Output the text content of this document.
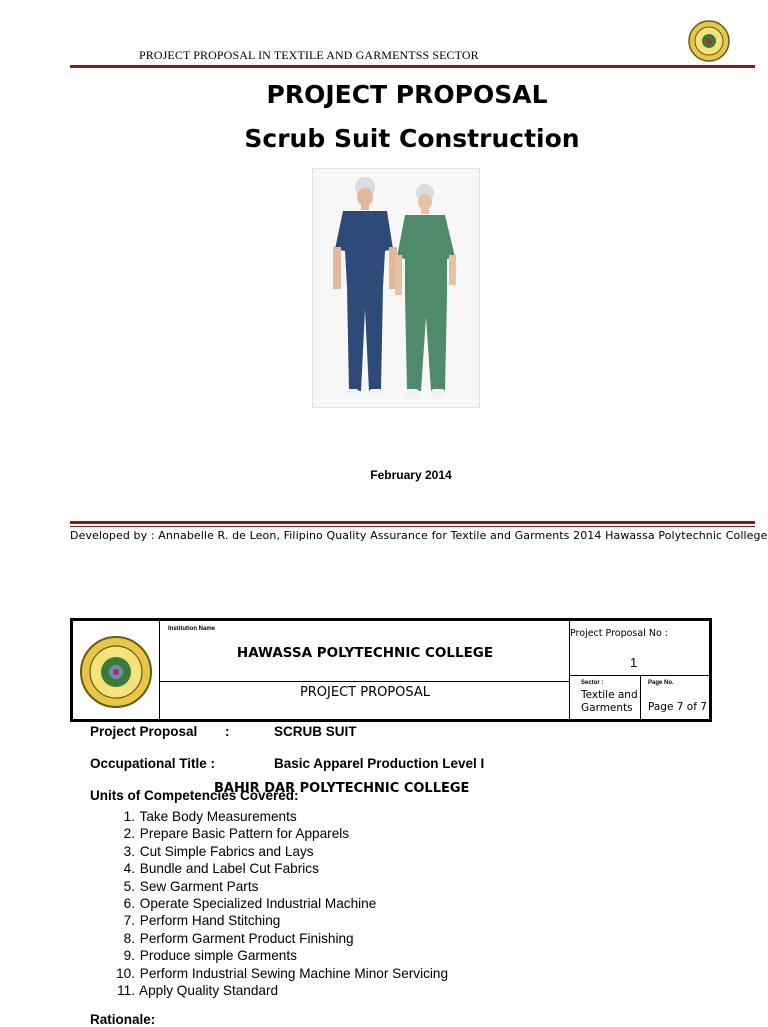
PROJECT PROPOSAL IN TEXTILE AND GARMENTSS SECTOR
PROJECT PROPOSAL
Scrub Suit Construction
February 2014
Developed by : Annabelle R. de Leon, Filipino Quality Assurance for Textile and Garments 2014 Hawassa Polytechnic College
Institution Name
HAWASSA POLYTECHNIC COLLEGE
PROJECT PROPOSAL
Project Proposal No :
1
Sector :
Textile and Garments
Page No.
Page 7 of 7
Project Proposal :	SCRUB SUIT
Occupational Title :	Basic Apparel Production Level I
Units of Competencies Covered:
BAHIR DAR POLYTECHNIC COLLEGE
1. Take Body Measurements
2. Prepare Basic Pattern for Apparels
3. Cut Simple Fabrics and Lays
4. Bundle and Label Cut Fabrics
5. Sew Garment Parts
6. Operate Specialized Industrial Machine
7. Perform Hand Stitching
8. Perform Garment Product Finishing
9. Produce simple Garments
10. Perform Industrial Sewing Machine Minor Servicing
11. Apply Quality Standard
Rationale:
